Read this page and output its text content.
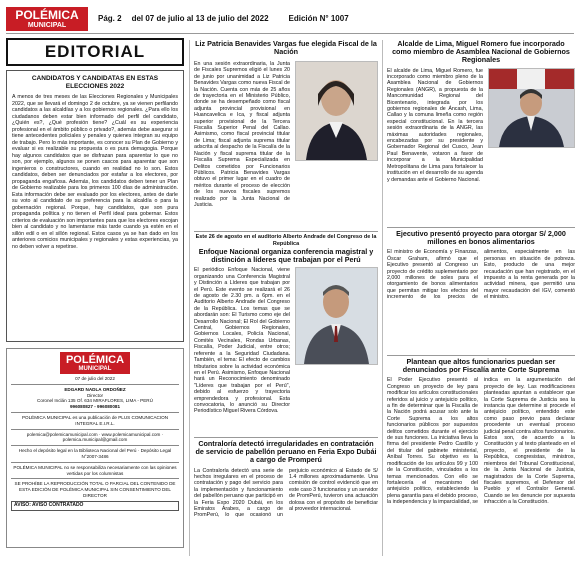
POLÉMICA
MUNICIPAL
Pág. 2 del 07 de julio al 13 de julio del 2022	Edición N° 1007
EDITORIAL
CANDIDATOS Y CANDIDATAS EN ESTAS ELECCIONES 2022
A menos de tres meses de las Elecciones Regionales y Municipales 2022, que se llevará el domingo 2 de octubre, ya se vienen perfilando candidatos a las alcaldías y a los gobiernos regionales. ¿Para ello los ciudadanos deben estar bien informado del perfil del candidato, ¿Quién es?, ¿Qué profesión tiene? ¿Cuál es su experiencia profesional en el ámbito público o privado?, además debe asegurar si tiene antecedentes policiales y penales y quienes integran su equipo de trabajo. Pero lo más importante, es conocer su Plan de Gobierno y evaluar si es realizable su propuesta o es pura demagogia. Porque hay algunos candidatos que se disfrazan para aparentar lo que no son, por ejemplo, algunos se ponen cascos para aparentar que son ingenieros o constructores, cuando en realidad no lo son. Estos candidatos, deben ser denunciados por estafar a los electores, por propaganda engañosa. Además, los candidatos deben tener un Plan de Gobierno realizable para los primeros 100 días de administración. Esta información debe ser evaluado por los electores, antes de darle su voto al candidato de su preferencia para la alcaldía o para la gobernación regional. Porque, hay candidatos, que son pura propaganda política y no tienen el Perfil ideal para gobernar. Estos criterios de evaluación son importantes para que los electores escojan bien al candidato y no lamentarse más tarde cuando ya estén en el sillón edil o en el sillón regional. Estos casos ya se han dado en los anteriores comicios municipales y regionales y estas experiencias, ya no deben volver a repetirse.
POLÉMICA
MUNICIPAL
07 de julio del 2022
EDGARD NADLA ORDOÑEZ
Director
Coronel Inclán 135 Of. 634 MIRAFLORES, LIMA - PERÚ
996080827 - 996080081
POLÉMICA MUNICIPAL es una publicación de PLUS COMUNICACION INTEGRAL E.I.R.L.
polemica@polemicamunicipal.com · www.polemicamunicipal.com · polemica.municipal@gmail.com
Hecho el depósito legal en la Biblioteca Nacional del Perú · Depósito Legal N°2007-3486
POLÉMICA MUNICIPAL no se responsabiliza necesariamente con las opiniones vertidas por los columnistas
SE PROHÍBE LA REPRODUCCIÓN TOTAL O PARCIAL DEL CONTENIDO DE ESTA EDICIÓN DE POLÉMICA MUNICIPAL SIN CONSENTIMIENTO DEL DIRECTOR
AVISO: AVISO CONTRATADO
Liz Patricia Benavides Vargas fue elegida Fiscal de la Nación
En una sesión extraordinaria, la Junta de Fiscales Supremos eligió el lunes 20 de junio por unanimidad a Liz Patricia Benavides Vargas como nueva Fiscal de la Nación. Cuenta con más de 25 años de trayectoria en el Ministerio Público, donde se ha desempeñado como fiscal adjunta provincial provisional en Huancavelica e Ica, y fiscal adjunta superior provisional de la Tercera Fiscalía Superior Penal del Callao. Asimismo, como fiscal provincial titular de Lima; fiscal adjunta suprema titular adscrita al despacho de la Fiscalía de la Nación y fiscal suprema titular de la Fiscalía Suprema Especializada en Delitos cometidos por Funcionarios Públicos. Patricia Benavides Vargas obtuvo el primer lugar en el cuadro de méritos durante el proceso de elección de los nuevos fiscales supremos realizado por la Junta Nacional de Justicia.
Este 26 de agosto en el auditorio Alberto Andrade del Congreso de la República
Enfoque Nacional organiza conferencia magistral y distinción a líderes que trabajan por el Perú
El periódico Enfoque Nacional, viene organizando una Conferencia Magistral y Distinción a Líderes que trabajan por el Perú. Este evento se realizará el 26 de agosto de 2.30 pm. a 6pm. en el Auditorio Alberto Andrade del Congreso de la República. Los temas que se abordarán son: El Turismo como eje del Desarrollo Nacional; El Rol del Gobierno Central, Gobiernos Regionales, Gobiernos Locales, Policía Nacional, Comités Vecinales, Rondas Urbanas, Fiscalía, Poder Judicial, entre otros; referente a la Seguridad Ciudadana. También, el tema: El efecto de cambios tributarios sobre la actividad económica en el Perú. Asimismo, Enfoque Nacional hará un Reconocimiento denominado "Líderes que trabajan por el Perú", debido al esfuerzo y trayectoria emprendedora y profesional. Esta convocatoria, lo anunció su Director Periodístico Miguel Rivera Córdova.
Contraloría detectó irregularidades en contratación de servicio de pabellón peruano en Feria Expo Dubái a cargo de Promperú
La Contraloría detectó una serie de hechos irregulares en el proceso de contratación y pago del servicio para la implementación y funcionamiento del pabellón peruano que participó en la Feria Expo 2020 Dubái, en los Emiratos Árabes, a cargo de PromPerú, lo que ocasionó un perjuicio económico al Estado de S/ 1.4 millones aproximadamente. Una comisión de control evidenció que en este caso 3 funcionarios y un servidor de PromPerú, tuvieron una actuación dolosa con el propósito de beneficiar al proveedor internacional.
Alcalde de Lima, Miguel Romero fue incorporado como miembro de Asamblea Nacional de Gobiernos Regionales
El alcalde de Lima, Miguel Romero, fue incorporado como miembro pleno de la Asamblea Nacional de Gobiernos Regionales (ANGR), a propuesta de la Mancomunidad Regional del Bicentenario, integrada por los gobiernos regionales de Áncash, Lima, Callao y la comuna limeña como región especial constitucional. En la tercera sesión extraordinaria de la ANGR, las máximas autoridades regionales, encabezadas por su presidente y Gobernador Regional del Cusco, Jean Paul Benavente, votaron a favor de incorporar a la Municipalidad Metropolitana de Lima para fortalecer la institución en el desarrollo de su agenda y demandas ante el Gobierno Nacional.
Ejecutivo presentó proyecto para otorgar S/ 2,000 millones en bonos alimentarios
El ministro de Economía y Finanzas, Óscar Graham, afirmó que el Ejecutivo presentó al Congreso un proyecto de crédito suplementario por 2,000 millones de soles para el otorgamiento de bonos alimentarios que permitan mitigar los efectos del incremento de los precios de alimentos, especialmente en las personas en situación de pobreza. Esto, producto de una mejor recaudación que han registrado, en el impuesto a la renta generada por la actividad minera, que permitió una mayor recaudación del IGV, comentó el ministro.
Plantean que altos funcionarios puedan ser denunciados por Fiscalía ante Corte Suprema
El Poder Ejecutivo presentó al Congreso un proyecto de ley para modificar los artículos constitucionales referidos al juicio y antejuicio político, a fin de determinar que la Fiscalía de la Nación podrá acusar solo ante la Corte Suprema a los altos funcionarios públicos por supuestos delitos cometidos durante el ejercicio de sus funciones. La iniciativa lleva la firma del presidente Pedro Castillo y del titular del gabinete ministerial, Aníbal Torres. Su objetivo es la modificación de los artículos 99 y 100 de la Constitución, vinculados a los temas mencionados. Con ello se fortalecería el mecanismo del antejuicio político, estableciendo la plena garantía para el debido proceso, la independencia y la imparcialidad, se indica en la argumentación del proyecto de ley. Las modificaciones planteadas apuntan a establecer que la Corte Suprema de Justicia sea la instancia que determine si procede el antejuicio político, entendido este como paso previo para declarar procedente un eventual proceso judicial penal contra altos funcionarios. Estos son, de acuerdo a la Constitución y al texto planteado en el proyecto, el presidente de la República, congresistas, ministros, miembros del Tribunal Constitucional, de la Junta Nacional de Justicia, magistrados de la Corte Suprema, fiscales supremos, el Defensor del Pueblo y el Contralor General. Cuando se les denuncie por supuesta infracción a la Constitución.
